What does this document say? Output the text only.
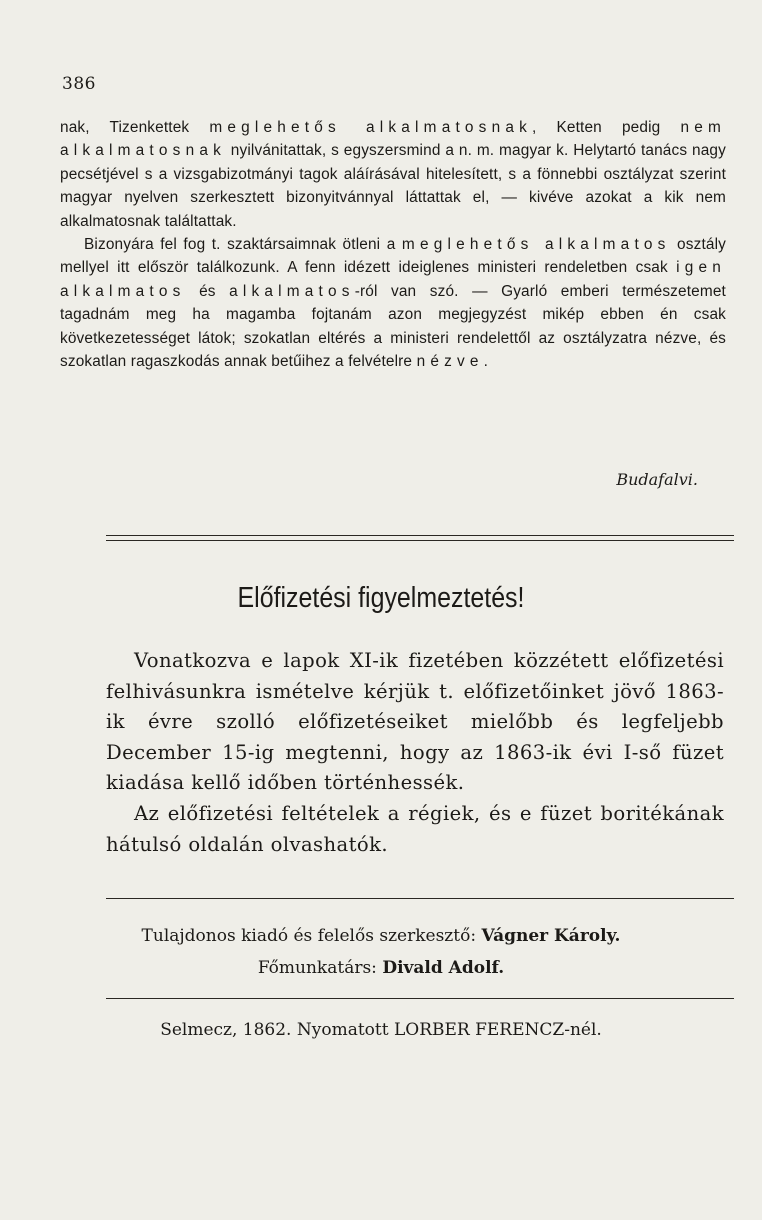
386

nak, Tizenkettek meglehetős alkalmatosnak, Ketten pedig nem alkalmatosnak nyilvánitattak, s egyszersmind a n. m. magyar k. Helytartó tanács nagy pecsétjével s a vizsgabizotmányi tagok aláírásával hitelesített, s a fönnebbi osztályzat szerint magyar nyelven szerkesztett bizonyitvánnyal láttattak el, — kivéve azokat a kik nem alkalmatosnak találtattak.

Bizonyára fel fog t. szaktársaimnak ötleni a meglehetős alkalmatos osztály mellyel itt először találkozunk. A fenn idézett ideiglenes ministeri rendeletben csak igen alkalmatos és alkalmatos-ról van szó. — Gyarló emberi természetemet tagadnám meg ha magamba fojtanám azon megjegyzést mikép ebben én csak következetességet látok; szokatlan eltérés a ministeri rendelettől az osztályzatra nézve, és szokatlan ragaszkodás annak betűihez a felvételre nézve.

Budafalvi.
Előfizetési figyelmeztetés!

Vonatkozva e lapok XI-ik fizetében közzétett előfizetési felhivásunkra ismételve kérjük t. előfizetőinket jövő 1863-ik évre szolló előfizetéseiket mielőbb és legfeljebb December 15-ig megtenni, hogy az 1863-ik évi I-ső füzet kiadása kellő időben történhessék.

Az előfizetési feltételek a régiek, és e füzet boritékának hátulsó oldalán olvashatók.

Tulajdonos kiadó és felelős szerkesztő: Vágner Károly.
Főmunkatárs: Divald Adolf.
Selmecz, 1862. Nyomatott LORBER FERENCZ-nél.
